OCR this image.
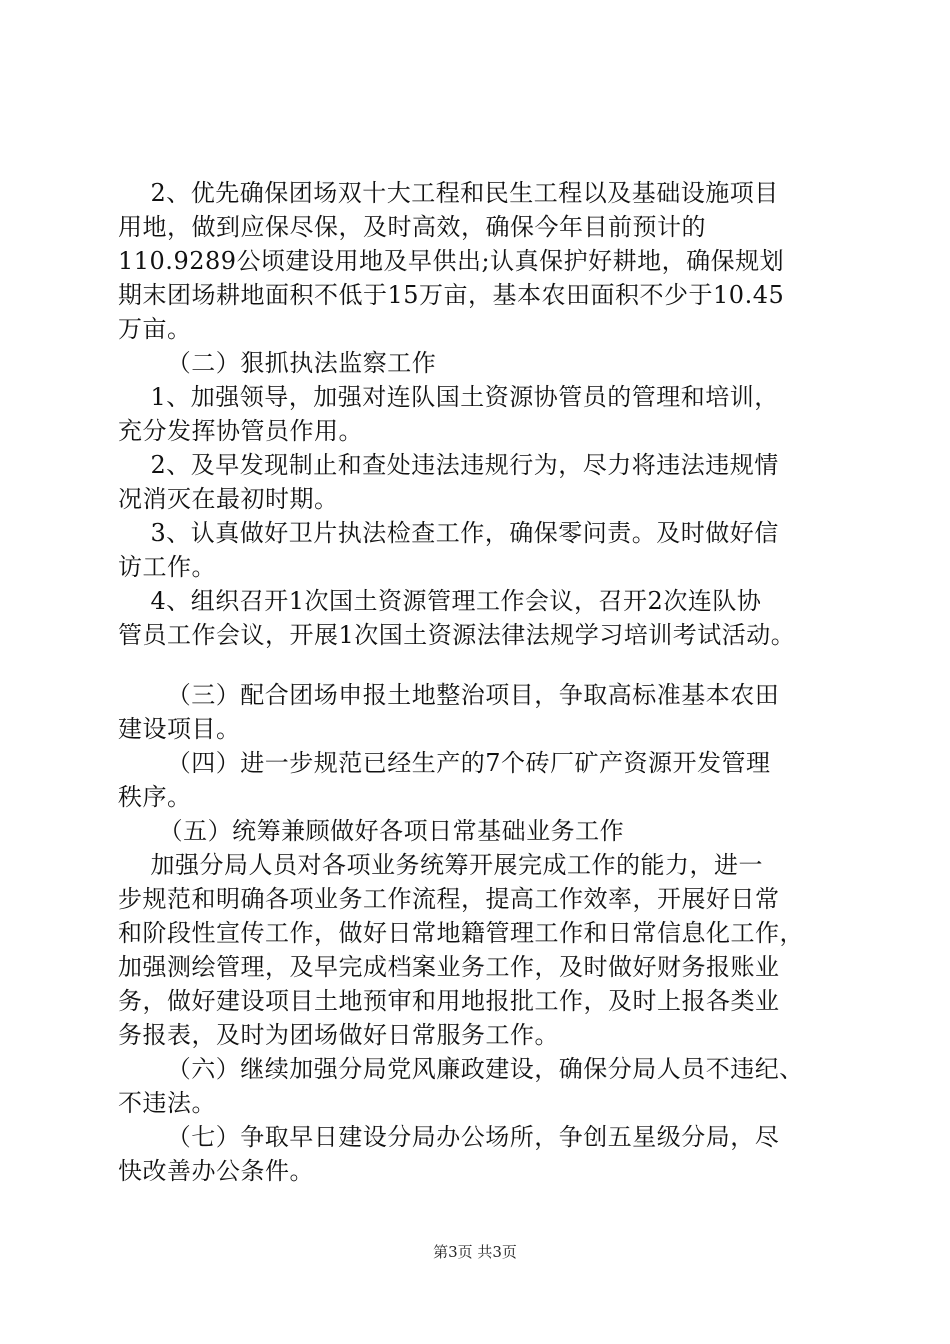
2、优先确保团场双十大工程和民生工程以及基础设施项目
用地，做到应保尽保，及时高效，确保今年目前预计的
110.9289公顷建设用地及早供出;认真保护好耕地，确保规划
期末团场耕地面积不低于15万亩，基本农田面积不少于10.45
万亩。
（二）狠抓执法监察工作
1、加强领导，加强对连队国土资源协管员的管理和培训，
充分发挥协管员作用。
2、及早发现制止和查处违法违规行为，尽力将违法违规情
况消灭在最初时期。
3、认真做好卫片执法检查工作，确保零问责。及时做好信
访工作。
4、组织召开1次国土资源管理工作会议，召开2次连队协
管员工作会议，开展1次国土资源法律法规学习培训考试活动。
（三）配合团场申报土地整治项目，争取高标准基本农田
建设项目。
（四）进一步规范已经生产的7个砖厂矿产资源开发管理
秩序。
（五）统筹兼顾做好各项日常基础业务工作
加强分局人员对各项业务统筹开展完成工作的能力，进一
步规范和明确各项业务工作流程，提高工作效率，开展好日常
和阶段性宣传工作，做好日常地籍管理工作和日常信息化工作，
加强测绘管理，及早完成档案业务工作，及时做好财务报账业
务，做好建设项目土地预审和用地报批工作，及时上报各类业
务报表，及时为团场做好日常服务工作。
（六）继续加强分局党风廉政建设，确保分局人员不违纪、
不违法。
（七）争取早日建设分局办公场所，争创五星级分局，尽
快改善办公条件。
第3页 共3页
